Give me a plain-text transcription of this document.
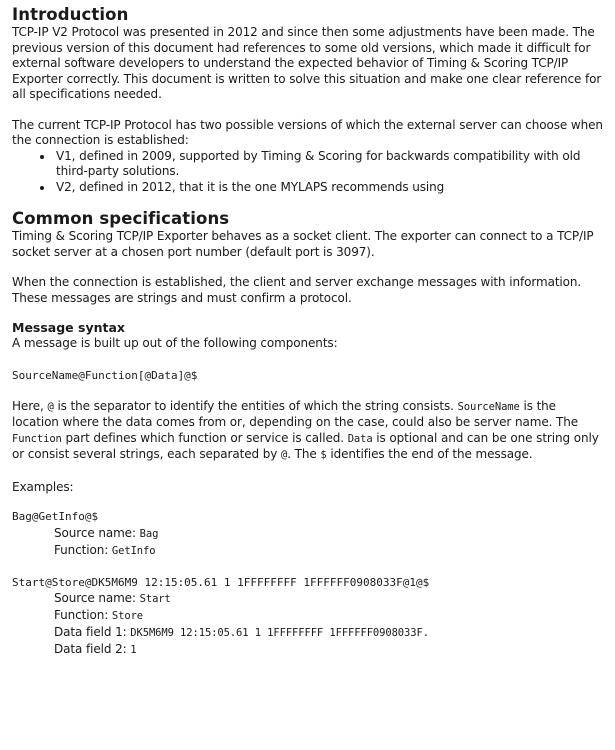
Introduction

TCP-IP V2 Protocol was presented in 2012 and since then some adjustments have been made. The previous version of this document had references to some old versions, which made it difficult for external software developers to understand the expected behavior of Timing & Scoring TCP/IP Exporter correctly. This document is written to solve this situation and make one clear reference for all specifications needed.

The current TCP-IP Protocol has two possible versions of which the external server can choose when the connection is established:

• V1, defined in 2009, supported by Timing & Scoring for backwards compatibility with old third-party solutions.
• V2, defined in 2012, that it is the one MYLAPS recommends using
Common specifications

Timing & Scoring TCP/IP Exporter behaves as a socket client. The exporter can connect to a TCP/IP socket server at a chosen port number (default port is 3097).

When the connection is established, the client and server exchange messages with information. These messages are strings and must confirm a protocol.

Message syntax

A message is built up out of the following components:

SourceName@Function[@Data]@$

Here, @ is the separator to identify the entities of which the string consists. SourceName is the location where the data comes from or, depending on the case, could also be server name. The Function part defines which function or service is called. Data is optional and can be one string only or consist several strings, each separated by @. The $ identifies the end of the message.

Examples:

Bag@GetInfo@$
Source name: Bag
Function: GetInfo
Start@Store@DK5M6M9 12:15:05.61 1 1FFFFFFFF 1FFFFFF0908033F@1@$
Source name: Start
Function: Store
Data field 1: DK5M6M9 12:15:05.61 1 1FFFFFFFF 1FFFFFF0908033F.
Data field 2: 1
